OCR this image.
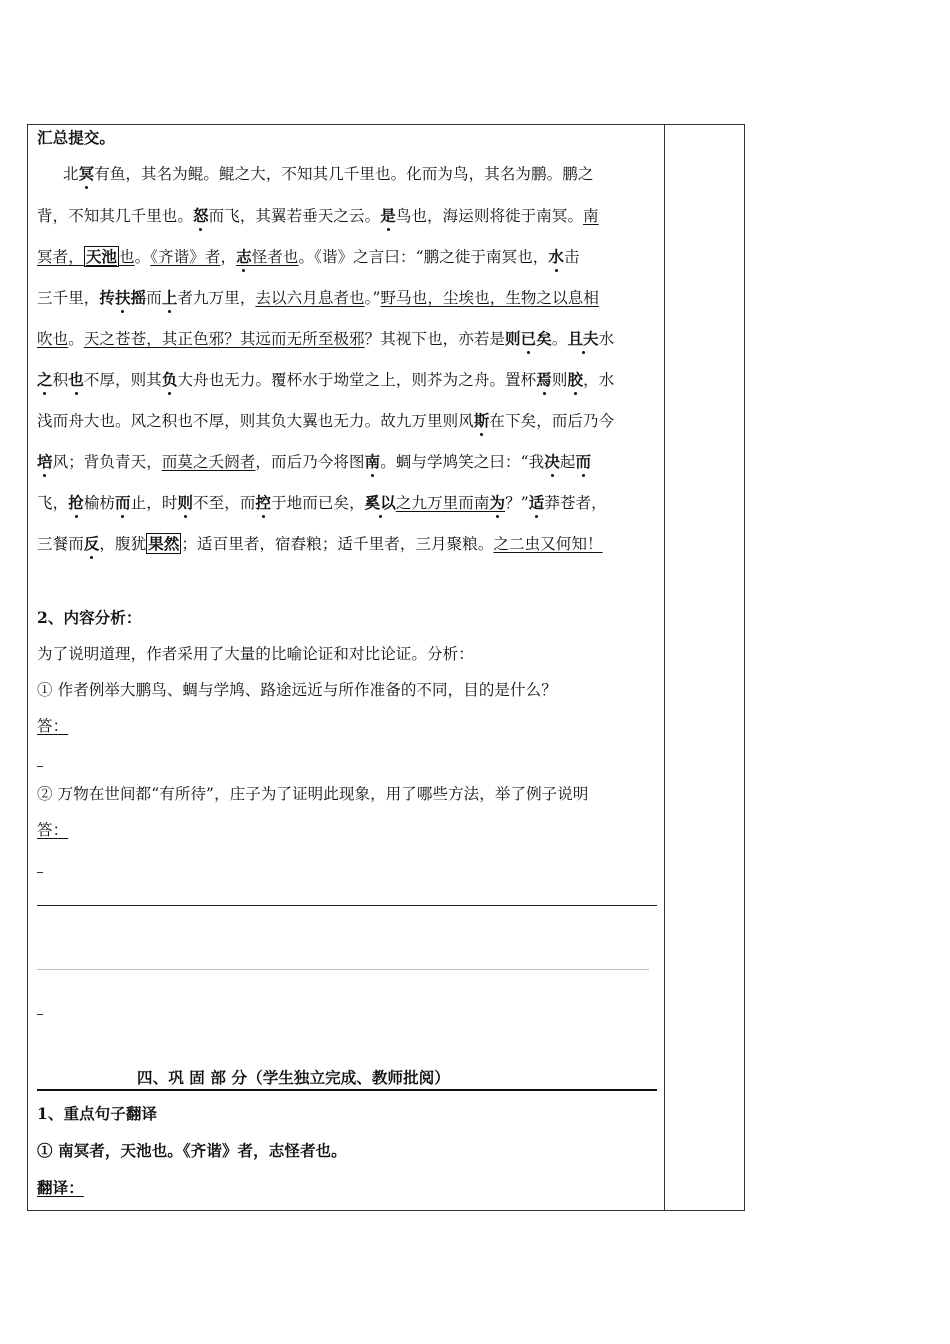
汇总提交。
北冥有鱼，其名为鲲。鲲之大，不知其几千里也。化而为鸟，其名为鹏。鹏之
背，不知其几千里也。怒而飞，其翼若垂天之云。是鸟也，海运则将徙于南冥。南
冥者， 天池 也。《齐谐》者，志怪者也。《谐》之言曰：“鹏之徙于南冥也，水击
三千里，抟扶摇而上者九万里，去以六月息者也。”野马也，尘埃也，生物之以息相
吹也。天之苍苍，其正色邪？其远而无所至极邪？其视下也，亦若是则已矣。且夫水
之积也不厚，则其负大舟也无力。覆杯水于坳堂之上，则芥为之舟。置杯焉则胶，水
浅而舟大也。风之积也不厚，则其负大翼也无力。故九万里则风斯在下矣，而后乃今
培风；背负青天，而莫之夭阏者，而后乃今将图南。蜩与学鸠笑之曰：“我决起而
飞，抢榆枋而止，时则不至，而控于地而已矣，奚以之九万里而南为？”适莽苍者，
三餐而反，腹犹 果然 ；适百里者，宿舂粮；适千里者，三月聚粮。之二虫又何知！
2、内容分析：
为了说明道理，作者采用了大量的比喻论证和对比论证。分析：
① 作者例举大鹏鸟、蜩与学鸠、路途远近与所作准备的不同，目的是什么？
答：
② 万物在世间都“有所待”，庄子为了证明此现象，用了哪些方法，举了例子说明
答：
四、巩 固 部 分（学生独立完成、教师批阅）
1、重点句子翻译
① 南冥者，天池也。《齐谐》者，志怪者也。
翻译：
